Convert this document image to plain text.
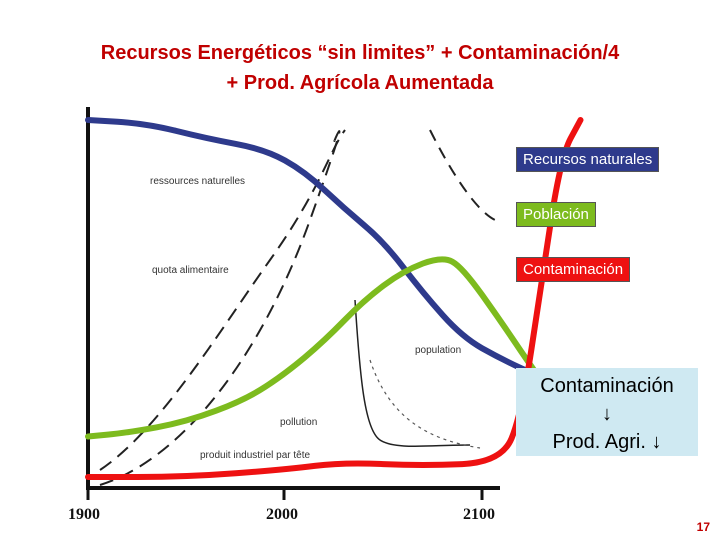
Recursos Energéticos “sin limites” + Contaminación/4
+ Prod. Agrícola Aumentada
ressources naturelles
quota alimentaire
population
pollution
produit industriel par tête
Recursos naturales
Población
Contaminación
Contaminación
↓
Prod. Agri. ↓
1900	2000	2100
17
